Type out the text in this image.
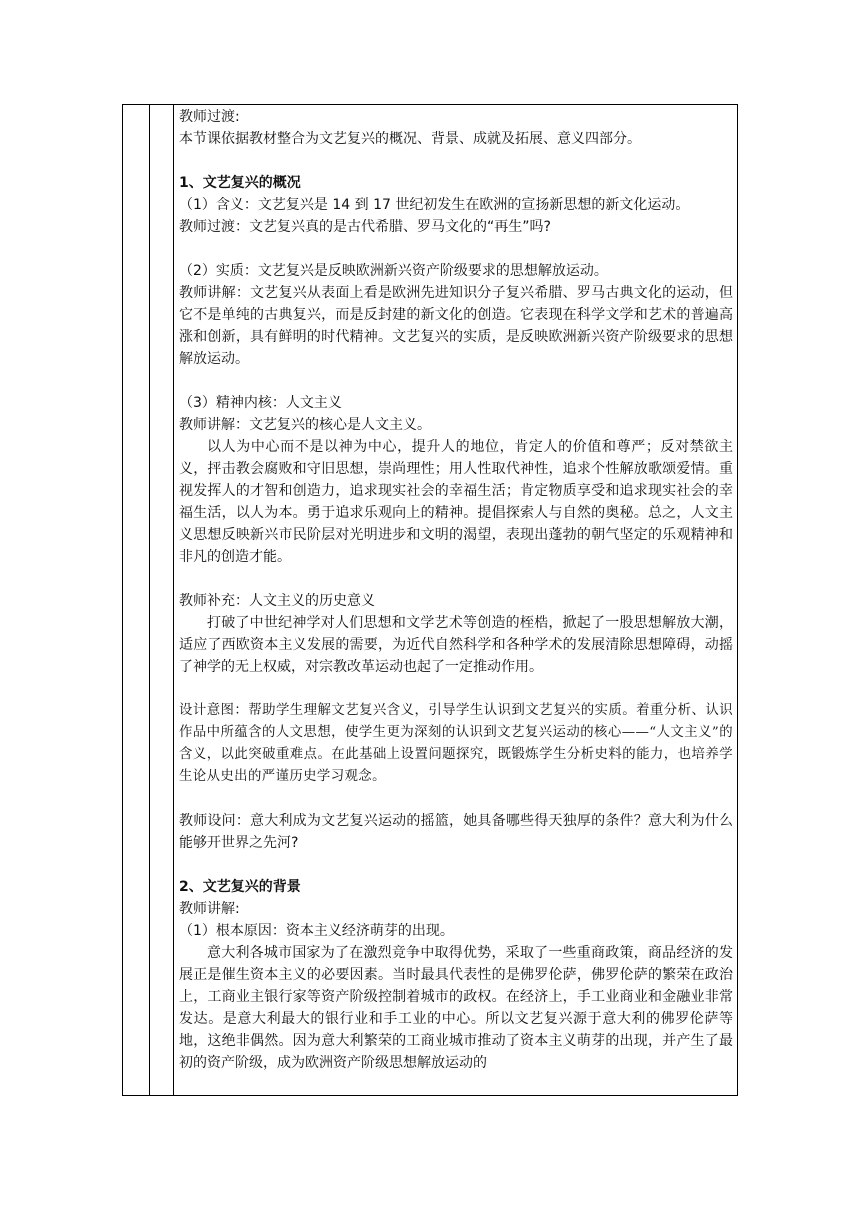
教师过渡:

本节课依据教材整合为文艺复兴的概况、背景、成就及拓展、意义四部分。

1、文艺复兴的概况

（1）含义：文艺复兴是 14 到 17 世纪初发生在欧洲的宣扬新思想的新文化运动。

教师过渡：文艺复兴真的是古代希腊、罗马文化的“再生”吗?

（2）实质：文艺复兴是反映欧洲新兴资产阶级要求的思想解放运动。

教师讲解：文艺复兴从表面上看是欧洲先进知识分子复兴希腊、罗马古典文化的运动，但它不是单纯的古典复兴，而是反封建的新文化的创造。它表现在科学文学和艺术的普遍高涨和创新，具有鲜明的时代精神。文艺复兴的实质，是反映欧洲新兴资产阶级要求的思想解放运动。

（3）精神内核：人文主义

教师讲解：文艺复兴的核心是人文主义。

以人为中心而不是以神为中心，提升人的地位，肯定人的价值和尊严；反对禁欲主义，抨击教会腐败和守旧思想，崇尚理性；用人性取代神性，追求个性解放歌颂爱情。重视发挥人的才智和创造力，追求现实社会的幸福生活；肯定物质享受和追求现实社会的幸福生活，以人为本。勇于追求乐观向上的精神。提倡探索人与自然的奥秘。总之，人文主义思想反映新兴市民阶层对光明进步和文明的渴望，表现出蓬勃的朝气坚定的乐观精神和非凡的创造才能。

教师补充：人文主义的历史意义

打破了中世纪神学对人们思想和文学艺术等创造的桎梏，掀起了一股思想解放大潮，适应了西欧资本主义发展的需要，为近代自然科学和各种学术的发展清除思想障碍，动摇了神学的无上权威，对宗教改革运动也起了一定推动作用。

设计意图：帮助学生理解文艺复兴含义，引导学生认识到文艺复兴的实质。着重分析、认识作品中所蕴含的人文思想，使学生更为深刻的认识到文艺复兴运动的核心——“人文主义”的含义，以此突破重难点。在此基础上设置问题探究，既锻炼学生分析史料的能力，也培养学生论从史出的严谨历史学习观念。

教师设问：意大利成为文艺复兴运动的摇篮，她具备哪些得天独厚的条件？意大利为什么能够开世界之先河?

2、文艺复兴的背景

教师讲解:

（1）根本原因：资本主义经济萌芽的出现。

意大利各城市国家为了在激烈竞争中取得优势，采取了一些重商政策，商品经济的发展正是催生资本主义的必要因素。当时最具代表性的是佛罗伦萨，佛罗伦萨的繁荣在政治上，工商业主银行家等资产阶级控制着城市的政权。在经济上，手工业商业和金融业非常发达。是意大利最大的银行业和手工业的中心。所以文艺复兴源于意大利的佛罗伦萨等地，这绝非偶然。因为意大利繁荣的工商业城市推动了资本主义萌芽的出现，并产生了最初的资产阶级，成为欧洲资产阶级思想解放运动的
